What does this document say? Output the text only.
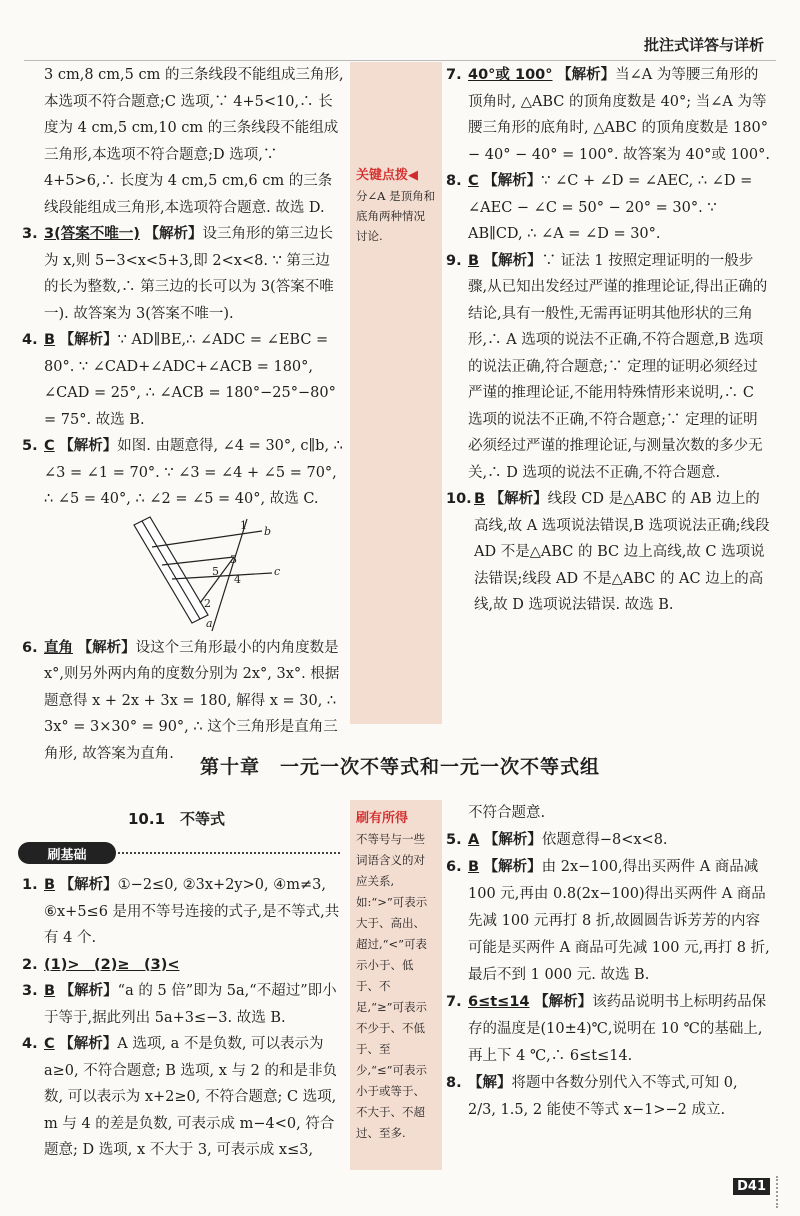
批注式详答与详析

3 cm,8 cm,5 cm 的三条线段不能组成三角形,本选项不符合题意;C 选项,∵ 4+5<10,∴ 长度为 4 cm,5 cm,10 cm 的三条线段不能组成三角形,本选项不符合题意;D 选项,∵ 4+5>6,∴ 长度为 4 cm,5 cm,6 cm 的三条线段能组成三角形,本选项符合题意. 故选 D.

3. 3(答案不唯一) 【解析】设三角形的第三边长为 x,则 5−3<x<5+3,即 2<x<8. ∵ 第三边的长为整数,∴ 第三边的长可以为 3(答案不唯一). 故答案为 3(答案不唯一).
4. B 【解析】∵ AD∥BE,∴ ∠ADC = ∠EBC = 80°. ∵ ∠CAD+∠ADC+∠ACB = 180°, ∠CAD = 25°, ∴ ∠ACB = 180°−25°−80° = 75°. 故选 B.
5. C 【解析】如图. 由题意得, ∠4 = 30°, c∥b, ∴ ∠3 = ∠1 = 70°. ∵ ∠3 = ∠4 + ∠5 = 70°, ∴ ∠5 = 40°, ∴ ∠2 = ∠5 = 40°, 故选 C.
1 b
3
5
4
c
2
a
6. 直角 【解析】设这个三角形最小的内角度数是 x°,则另外两内角的度数分别为 2x°, 3x°. 根据题意得 x + 2x + 3x = 180, 解得 x = 30, ∴ 3x° = 3×30° = 90°, ∴ 这个三角形是直角三角形, 故答案为直角.
关键点拨◀
分∠A 是顶角和底角两种情况讨论.
7. 40°或 100° 【解析】当∠A 为等腰三角形的顶角时, △ABC 的顶角度数是 40°; 当∠A 为等腰三角形的底角时, △ABC 的顶角度数是 180° − 40° − 40° = 100°. 故答案为 40°或 100°.
8. C 【解析】∵ ∠C + ∠D = ∠AEC, ∴ ∠D = ∠AEC − ∠C = 50° − 20° = 30°. ∵ AB∥CD, ∴ ∠A = ∠D = 30°.
9. B 【解析】∵ 证法 1 按照定理证明的一般步骤,从已知出发经过严谨的推理论证,得出正确的结论,具有一般性,无需再证明其他形状的三角形,∴ A 选项的说法不正确,不符合题意,B 选项的说法正确,符合题意;∵ 定理的证明必须经过严谨的推理论证,不能用特殊情形来说明,∴ C 选项的说法不正确,不符合题意;∵ 定理的证明必须经过严谨的推理论证,与测量次数的多少无关,∴ D 选项的说法不正确,不符合题意.
10. B 【解析】线段 CD 是△ABC 的 AB 边上的高线,故 A 选项说法错误,B 选项说法正确;线段 AD 不是△ABC 的 BC 边上高线,故 C 选项说法错误;线段 AD 不是△ABC 的 AC 边上的高线,故 D 选项说法错误. 故选 B.
第十章　一元一次不等式和一元一次不等式组
10.1　不等式
刷基础
1. B 【解析】①−2≤0, ②3x+2y>0, ④m≠3, ⑥x+5≤6 是用不等号连接的式子,是不等式,共有 4 个.
2. (1)>　(2)≥　(3)<
3. B 【解析】“a 的 5 倍”即为 5a,“不超过”即小于等于,据此列出 5a+3≤−3. 故选 B.
4. C 【解析】A 选项, a 不是负数, 可以表示为 a≥0, 不符合题意; B 选项, x 与 2 的和是非负数, 可以表示为 x+2≥0, 不符合题意; C 选项, m 与 4 的差是负数, 可表示成 m−4<0, 符合题意; D 选项, x 不大于 3, 可表示成 x≤3,
刷有所得
不等号与一些词语含义的对应关系,如:“>”可表示大于、高出、超过,“<”可表示小于、低于、不足,“≥”可表示不少于、不低于、至少,“≤”可表示小于或等于、不大于、不超过、至多.

不符合题意.

5. A 【解析】依题意得−8<x<8.
6. B 【解析】由 2x−100,得出买两件 A 商品减 100 元,再由 0.8(2x−100)得出买两件 A 商品先减 100 元再打 8 折,故圆圆告诉芳芳的内容可能是买两件 A 商品可先减 100 元,再打 8 折,最后不到 1 000 元. 故选 B.
7. 6≤t≤14 【解析】该药品说明书上标明药品保存的温度是(10±4)℃,说明在 10 ℃的基础上,再上下 4 ℃,∴ 6≤t≤14.
8. 【解】将题中各数分别代入不等式,可知 0, 2/3, 1.5, 2 能使不等式 x−1>−2 成立.
D41
